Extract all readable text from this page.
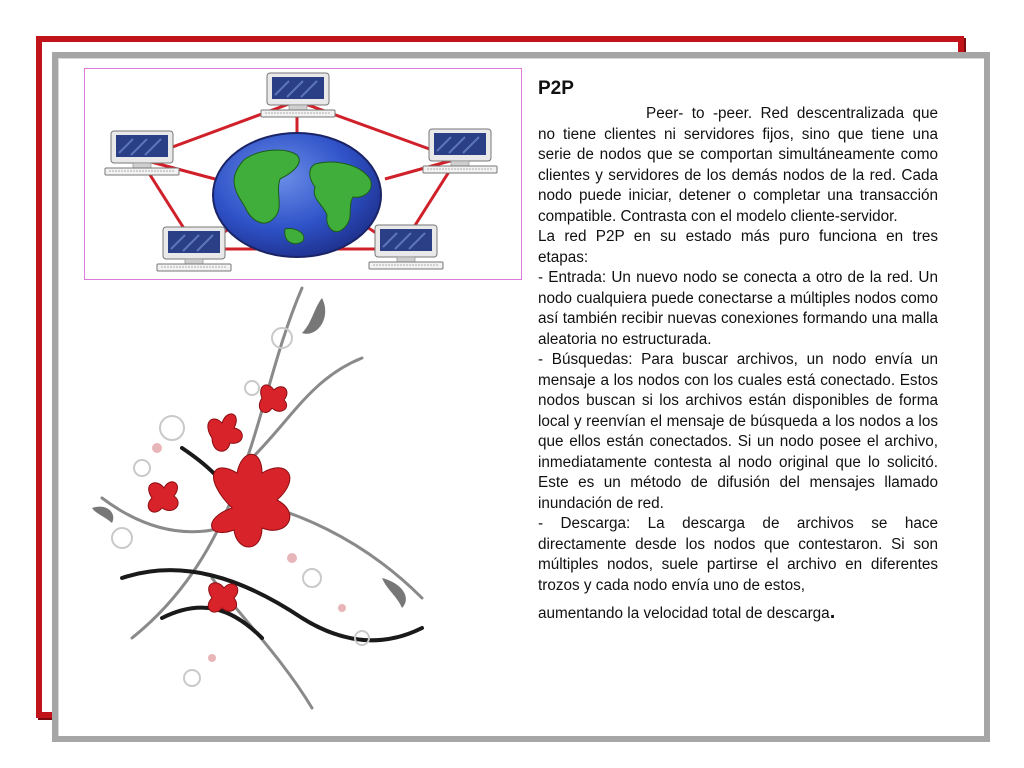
P2P

Peer- to -peer. Red descentralizada que no tiene clientes ni servidores fijos, sino que tiene una serie de nodos que se comportan simultáneamente como clientes y servidores de los demás nodos de la red. Cada nodo puede iniciar, detener o completar una transacción compatible. Contrasta con el modelo cliente-servidor.

La red P2P en su estado más puro funciona en tres etapas:

- Entrada: Un nuevo nodo se conecta a otro de la red. Un nodo cualquiera puede conectarse a múltiples nodos como así también recibir nuevas conexiones formando una malla aleatoria no estructurada.

- Búsquedas: Para buscar archivos, un nodo envía un mensaje a los nodos con los cuales está conectado. Estos nodos buscan si los archivos están disponibles de forma local y reenvían el mensaje de búsqueda a los nodos a los que ellos están conectados. Si un nodo posee el archivo, inmediatamente contesta al nodo original que lo solicitó. Este es un método de difusión del mensajes llamado inundación de red.

- Descarga: La descarga de archivos se hace directamente desde los nodos que contestaron. Si son múltiples nodos, suele partirse el archivo en diferentes trozos y cada nodo envía uno de estos,

aumentando la velocidad total de descarga.
